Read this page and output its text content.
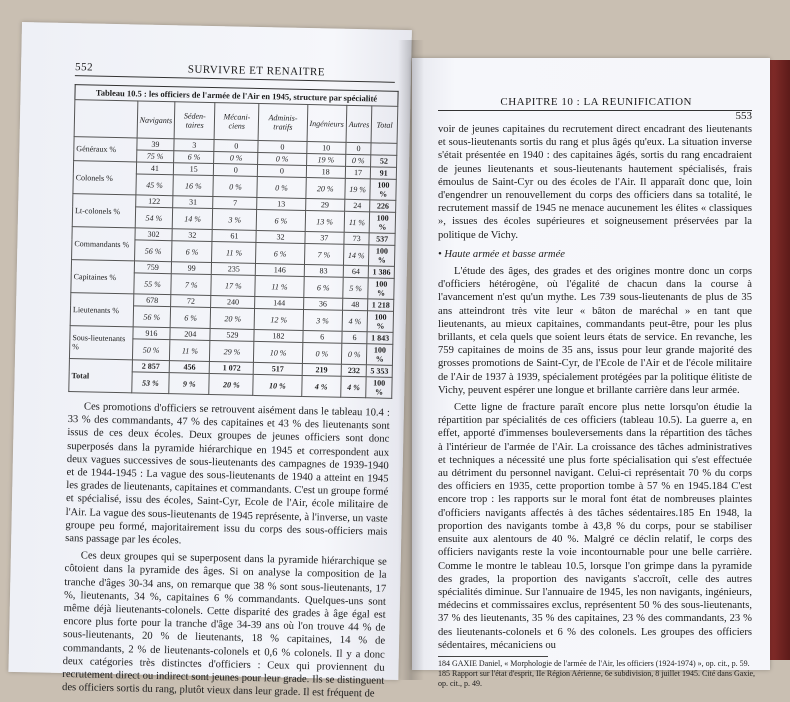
552	SURVIVRE ET RENAITRE
Tableau 10.5 : les officiers de l'armée de l'Air en 1945, structure par spécialité
	Navigants	Séden-taires	Mécani-ciens	Adminis-tratifs	Ingénieurs	Autres	Total
Généraux %	39	3	0	0	10	0	
	75 %	6 %	0 %	0 %	19 %	0 %	52
Colonels %	41	15	0	0	18	17	91
	45 %	16 %	0 %	0 %	20 %	19 %	100 %
Lt-colonels %	122	31	7	13	29	24	226
	54 %	14 %	3 %	6 %	13 %	11 %	100 %
Commandants %	302	32	61	32	37	73	537
	56 %	6 %	11 %	6 %	7 %	14 %	100 %
Capitaines %	759	99	235	146	83	64	1 386
	55 %	7 %	17 %	11 %	6 %	5 %	100 %
Lieutenants %	678	72	240	144	36	48	1 218
	56 %	6 %	20 %	12 %	3 %	4 %	100 %
Sous-lieutenants %	916	204	529	182	6	6	1 843
	50 %	11 %	29 %	10 %	0 %	0 %	100 %
Total	2 857	456	1 072	517	219	232	5 353
	53 %	9 %	20 %	10 %	4 %	4 %	100 %

Ces promotions d'officiers se retrouvent aisément dans le tableau 10.4 : 33 % des commandants, 47 % des capitaines et 43 % des lieutenants sont issus de ces deux écoles. Deux groupes de jeunes officiers sont donc superposés dans la pyramide hiérarchique en 1945 et correspondent aux deux vagues successives de sous-lieutenants des campagnes de 1939-1940 et de 1944-1945 : La vague des sous-lieutenants de 1940 a atteint en 1945 les grades de lieutenants, capitaines et commandants. C'est un groupe formé et spécialisé, issu des écoles, Saint-Cyr, Ecole de l'Air, école militaire de l'Air. La vague des sous-lieutenants de 1945 représente, à l'inverse, un vaste groupe peu formé, majoritairement issu du corps des sous-officiers mais sans passage par les écoles.

Ces deux groupes qui se superposent dans la pyramide hiérarchique se côtoient dans la pyramide des âges. Si on analyse la composition de la tranche d'âges 30-34 ans, on remarque que 38 % sont sous-lieutenants, 17 %, lieutenants, 34 %, capitaines 6 % commandants. Quelques-uns sont même déjà lieutenants-colonels. Cette disparité des grades à âge égal est encore plus forte pour la tranche d'âge 34-39 ans où l'on trouve 44 % de sous-lieutenants, 20 % de lieutenants, 18 % capitaines, 14 % de commandants, 2 % de lieutenants-colonels et 0,6 % colonels. Il y a donc deux catégories très distinctes d'officiers : Ceux qui proviennent du recrutement direct ou indirect sont jeunes pour leur grade. Ils se distinguent des officiers sortis du rang, plutôt vieux dans leur grade. Il est fréquent de

CHAPITRE 10 : LA REUNIFICATION
553

voir de jeunes capitaines du recrutement direct encadrant des lieutenants et sous-lieutenants sortis du rang et plus âgés qu'eux. La situation inverse s'était présentée en 1940 : des capitaines âgés, sortis du rang encadraient de jeunes lieutenants et sous-lieutenants hautement spécialisés, frais émoulus de Saint-Cyr ou des écoles de l'Air. Il apparaît donc que, loin d'engendrer un renouvellement du corps des officiers dans sa totalité, le recrutement massif de 1945 ne menace aucunement les élites « classiques », issues des écoles supérieures et soigneusement préservées par la politique de Vichy.

• Haute armée et basse armée

L'étude des âges, des grades et des origines montre donc un corps d'officiers hétérogène, où l'égalité de chacun dans la course à l'avancement n'est qu'un mythe. Les 739 sous-lieutenants de plus de 35 ans atteindront très vite leur « bâton de maréchal » en tant que lieutenants, au mieux capitaines, commandants peut-être, pour les plus brillants, et cela quels que soient leurs états de service. En revanche, les 759 capitaines de moins de 35 ans, issus pour leur grande majorité des grosses promotions de Saint-Cyr, de l'Ecole de l'Air et de l'école militaire de l'Air de 1937 à 1939, spécialement protégées par la politique élitiste de Vichy, peuvent espérer une longue et brillante carrière dans leur armée.

Cette ligne de fracture paraît encore plus nette lorsqu'on étudie la répartition par spécialités de ces officiers (tableau 10.5). La guerre a, en effet, apporté d'immenses bouleversements dans la répartition des tâches à l'intérieur de l'armée de l'Air. La croissance des tâches administratives et techniques a nécessité une plus forte spécialisation qui s'est effectuée au détriment du personnel navigant. Celui-ci représentait 70 % du corps des officiers en 1935, cette proportion tombe à 57 % en 1945.184 C'est encore trop : les rapports sur le moral font état de nombreuses plaintes d'officiers navigants affectés à des tâches sédentaires.185 En 1948, la proportion des navigants tombe à 43,8 % du corps, pour se stabiliser ensuite aux alentours de 40 %. Malgré ce déclin relatif, le corps des officiers navigants reste la voie incontournable pour une belle carrière. Comme le montre le tableau 10.5, lorsque l'on grimpe dans la pyramide des grades, la proportion des navigants s'accroît, celle des autres spécialités diminue. Sur l'annuaire de 1945, les non navigants, ingénieurs, médecins et commissaires exclus, représentent 50 % des sous-lieutenants, 37 % des lieutenants, 35 % des capitaines, 23 % des commandants, 23 % des lieutenants-colonels et 6 % des colonels. Les groupes des officiers sédentaires, mécaniciens ou

184 GAXIE Daniel, « Morphologie de l'armée de l'Air, les officiers (1924-1974) », op. cit., p. 59.
185 Rapport sur l'état d'esprit, IIe Région Aérienne, 6e subdivision, 8 juillet 1945. Cité dans Gaxie, op. cit., p. 49.
